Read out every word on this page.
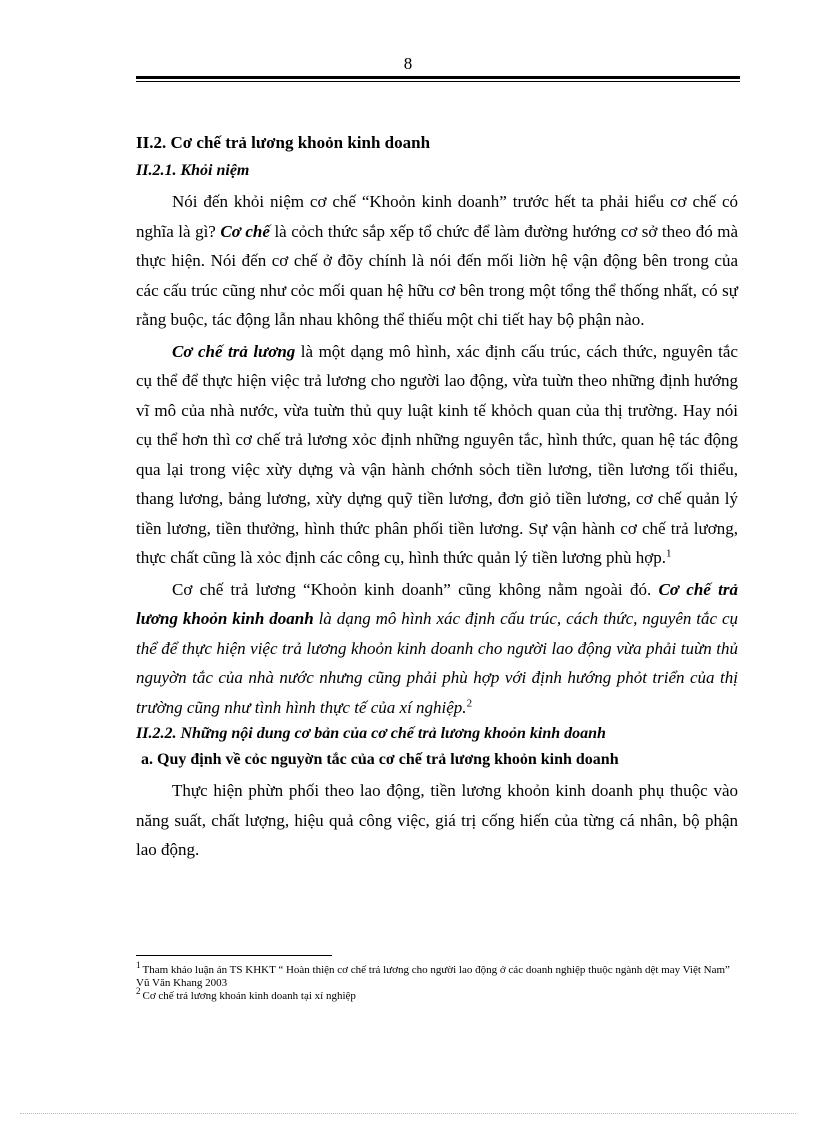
8
II.2. Cơ chế trả lương khoỏn kinh doanh
II.2.1. Khỏi niệm

Nói đến khỏi niệm cơ chế “Khoỏn kinh doanh” trước hết ta phải hiểu cơ chế có nghĩa là gì? Cơ chế là cỏch thức sắp xếp tổ chức để làm đường hướng cơ sở theo đó mà thực hiện. Nói đến cơ chế ở đõy chính là nói đến mối liờn hệ vận động bên trong của các cấu trúc cũng như cỏc mối quan hệ hữu cơ bên trong một tổng thể thống nhất, có sự rằng buộc, tác động lẫn nhau không thể thiếu một chi tiết hay bộ phận nào.

Cơ chế trả lương là một dạng mô hình, xác định cấu trúc, cách thức, nguyên tắc cụ thể để thực hiện việc trả lương cho người lao động, vừa tuừn theo những định hướng vĩ mô của nhà nước, vừa tuừn thủ quy luật kinh tế khỏch quan của thị trường. Hay nói cụ thể hơn thì cơ chế trả lương xỏc định những nguyên tắc, hình thức, quan hệ tác động qua lại trong việc xừy dựng và vận hành chớnh sỏch tiền lương, tiền lương tối thiểu, thang lương, bảng lương, xừy dựng quỹ tiền lương, đơn giỏ tiền lương, cơ chế quản lý tiền lương, tiền thưởng, hình thức phân phối tiền lương. Sự vận hành cơ chế trả lương, thực chất cũng là xỏc định các công cụ, hình thức quản lý tiền lương phù hợp.$^1$

Cơ chế trả lương “Khoỏn kinh doanh” cũng không nằm ngoài đó. Cơ chế trả lương khoỏn kinh doanh là dạng mô hình xác định cấu trúc, cách thức, nguyên tắc cụ thể để thực hiện việc trả lương khoỏn kinh doanh cho người lao động vừa phải tuừn thủ nguyờn tắc của nhà nước nhưng cũng phải phù hợp với định hướng phỏt triển của thị trường cũng như tình hình thực tế của xí nghiệp.$^2$

II.2.2. Những nội dung cơ bản của cơ chế trả lương khoỏn kinh doanh
a. Quy định về cỏc nguyờn tắc của cơ chế trả lương khoỏn kinh doanh

Thực hiện phừn phối theo lao động, tiền lương khoỏn kinh doanh phụ thuộc vào năng suất, chất lượng, hiệu quả công việc, giá trị cống hiến của từng cá nhân, bộ phận lao động.

$^1$ Tham khảo luận án TS KHKT “ Hoàn thiện cơ chế trả lương cho người lao động ở các doanh nghiệp thuộc ngành dệt may Việt Nam” Vũ Văn Khang 2003

$^2$ Cơ chế trả lương khoán kinh doanh tại xí nghiệp
